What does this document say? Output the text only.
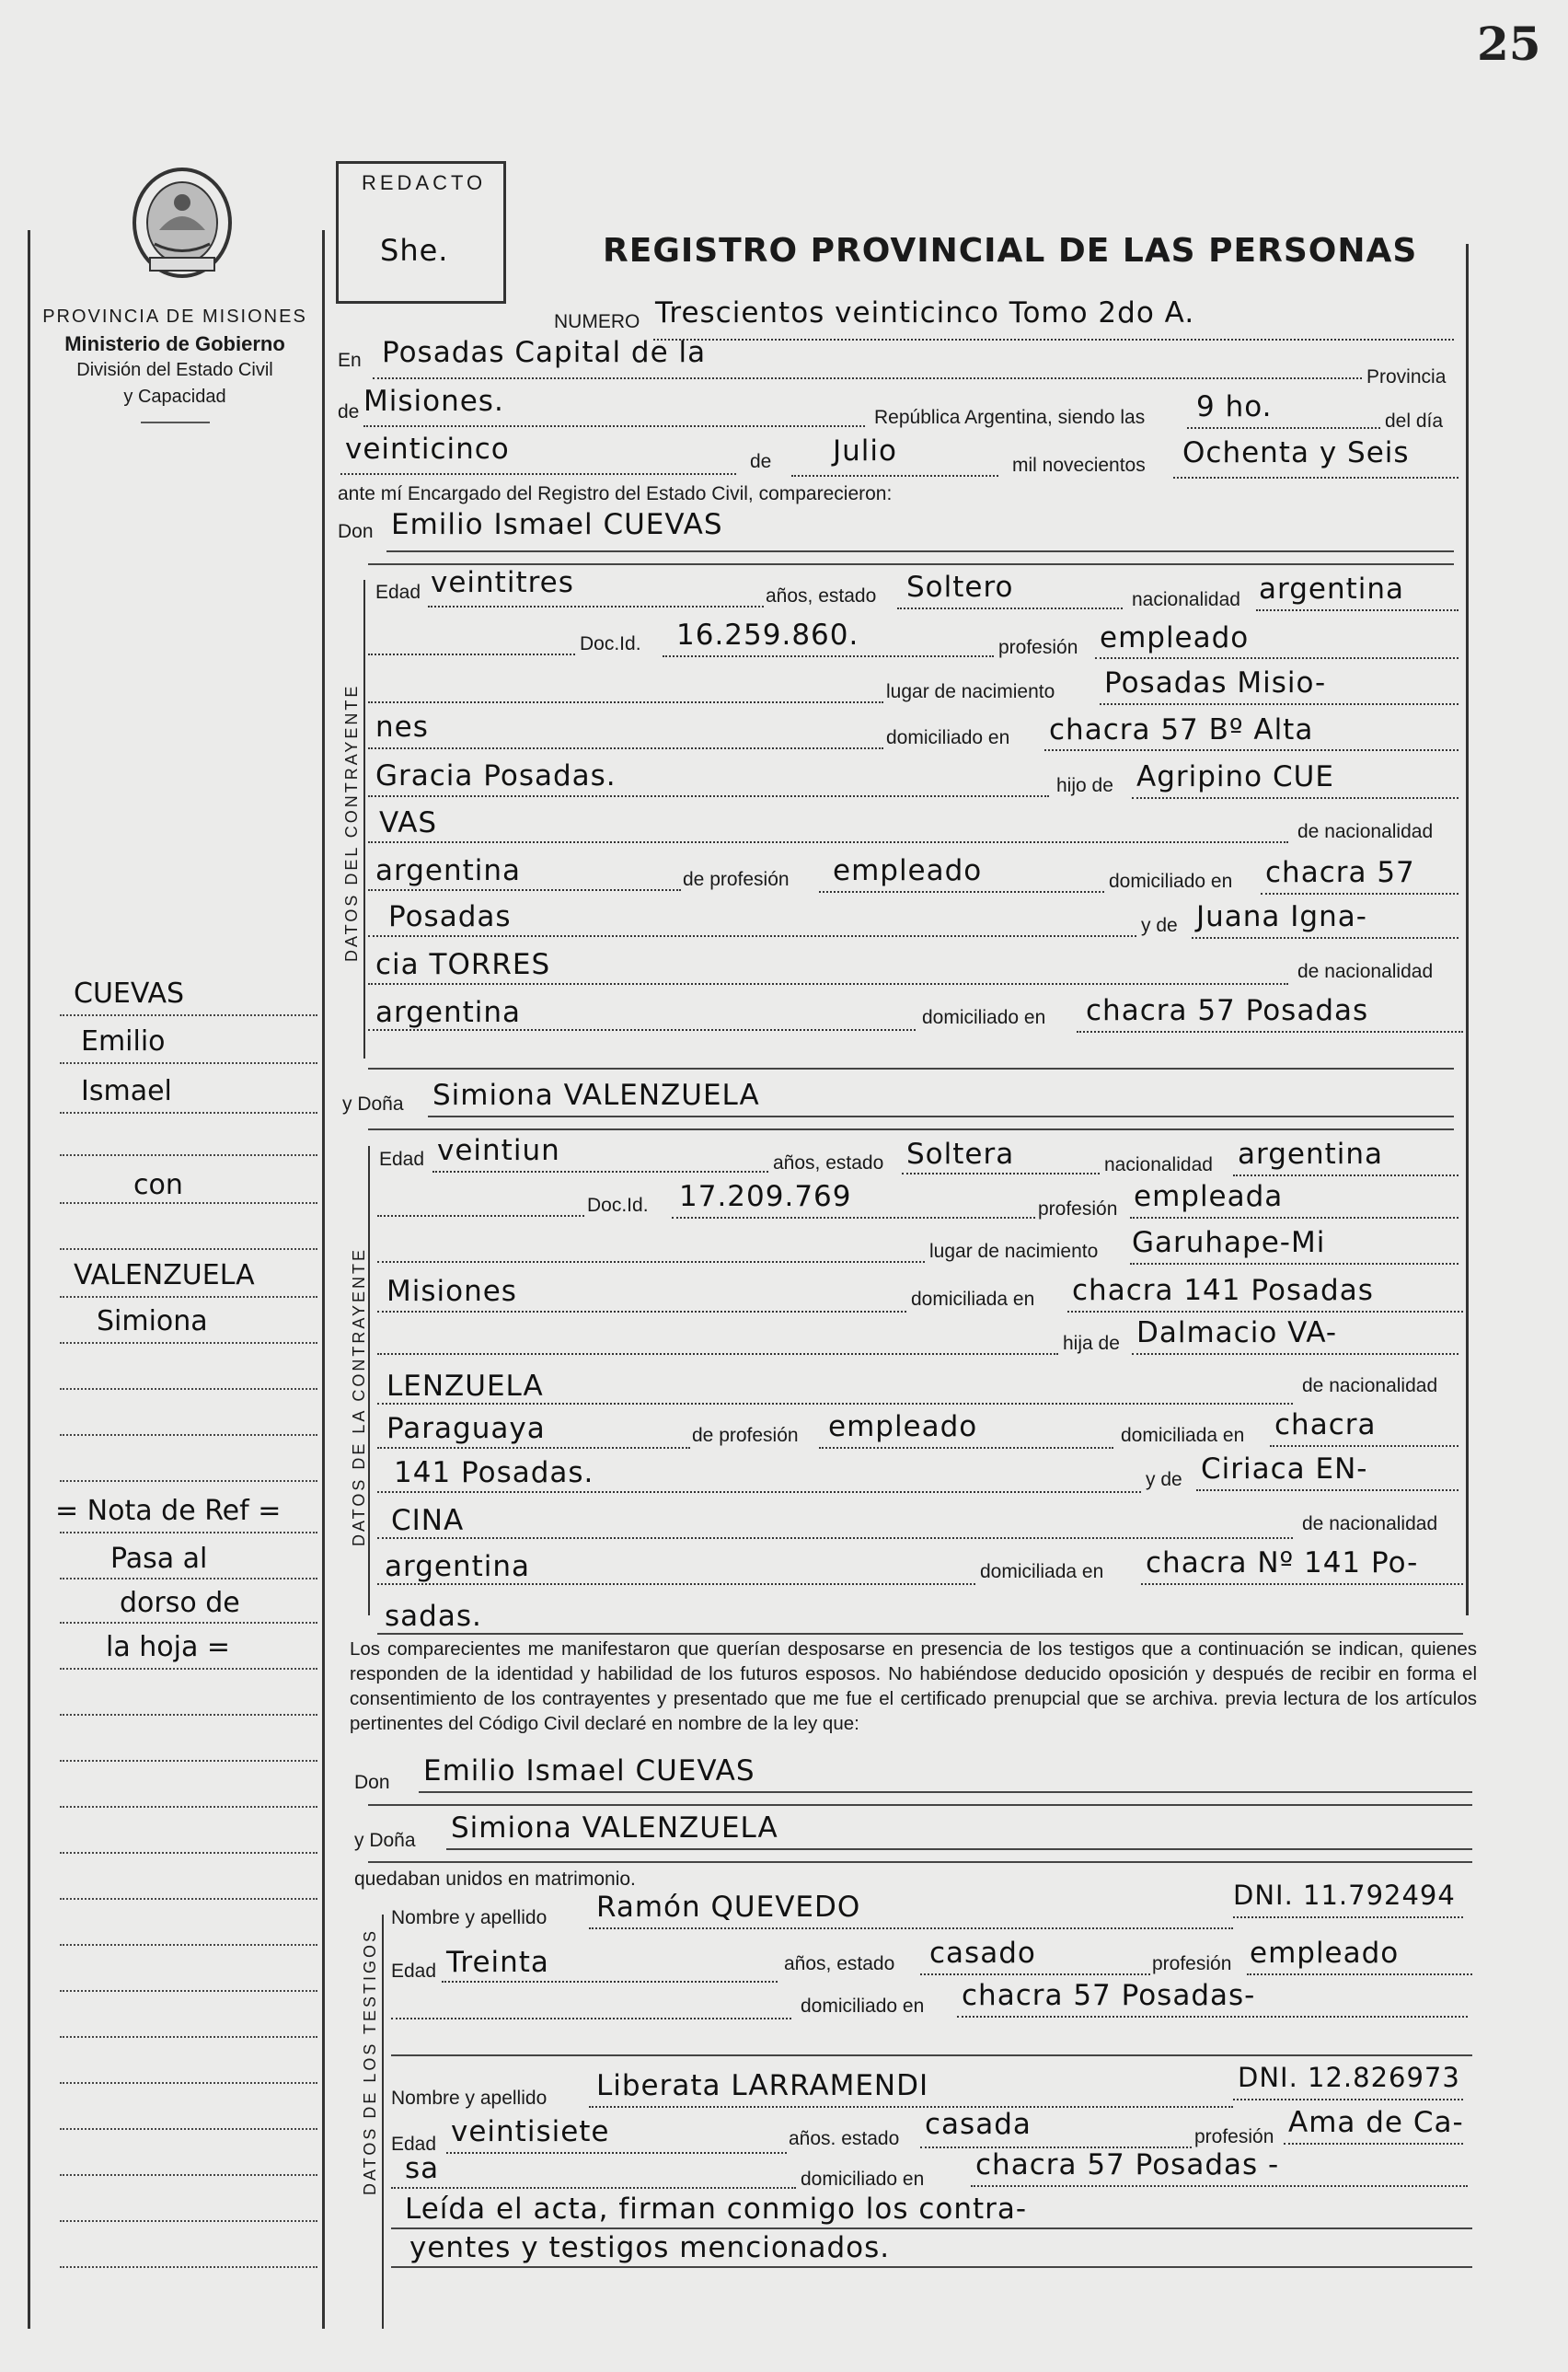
25
PROVINCIA DE MISIONES
Ministerio de Gobierno
División del Estado Civil
y Capacidad
REDACTO
She.	REGISTRO PROVINCIAL DE LAS PERSONAS
NUMERO Trescientos veinticinco Tomo 2do A.
En Posadas Capital de la
Provincia
de Misiones.	República Argentina, siendo las 9 ho.	del día
veinticinco	de Julio	mil novecientos Ochenta y Seis
ante mí Encargado del Registro del Estado Civil, comparecieron:
Don Emilio Ismael CUEVAS
DATOS DEL CONTRAYENTE
Edad veintitres	años, estado Soltero	nacionalidad argentina
Doc.Id. 16.259.860.	profesión empleado
lugar de nacimiento Posadas Misio-
nes	domiciliado en chacra 57 Bº Alta
Gracia Posadas.	hijo de Agripino CUE
VAS	de nacionalidad
argentina	de profesión empleado	domiciliado en chacra 57
Posadas	y de Juana Igna-
cia TORRES	de nacionalidad
argentina	domiciliado en chacra 57 Posadas
y Doña Simiona VALENZUELA
DATOS DE LA CONTRAYENTE
Edad veintiun	años, estado Soltera	nacionalidad argentina
Doc.Id. 17.209.769	profesión empleada
lugar de nacimiento Garuhape-Mi
Misiones	domiciliada en chacra 141 Posadas
hija de Dalmacio VA-
LENZUELA	de nacionalidad
Paraguaya	de profesión empleado	domiciliada en chacra
141 Posadas.	y de Ciriaca EN-
CINA	de nacionalidad
argentina	domiciliada en chacra Nº 141 Po-
sadas.
Los comparecientes me manifestaron que querían desposarse en presencia de los testigos que a continuación se indican, quienes responden de la identidad y habilidad de los futuros esposos. No habiéndose deducido oposición y después de recibir en forma el consentimiento de los contrayentes y presentado que me fue el certificado prenupcial que se archiva. previa lectura de los artículos pertinentes del Código Civil declaré en nombre de la ley que:
Don Emilio Ismael CUEVAS
y Doña Simiona VALENZUELA
quedaban unidos en matrimonio.
DATOS DE LOS TESTIGOS
Nombre y apellido Ramón QUEVEDO	DNI. 11.792494
Edad Treinta	años, estado casado	profesión empleado
domiciliado en chacra 57 Posadas-
Nombre y apellido Liberata LARRAMENDI	DNI. 12.826973
Edad veintisiete	años. estado casada	profesión Ama de Ca-
sa	domiciliado en chacra 57 Posadas -
Leída el acta, firman conmigo los contra-
yentes y testigos mencionados.
CUEVAS
Emilio
Ismael
con
VALENZUELA
Simiona
= Nota de Ref =
Pasa al
dorso de
la hoja =
